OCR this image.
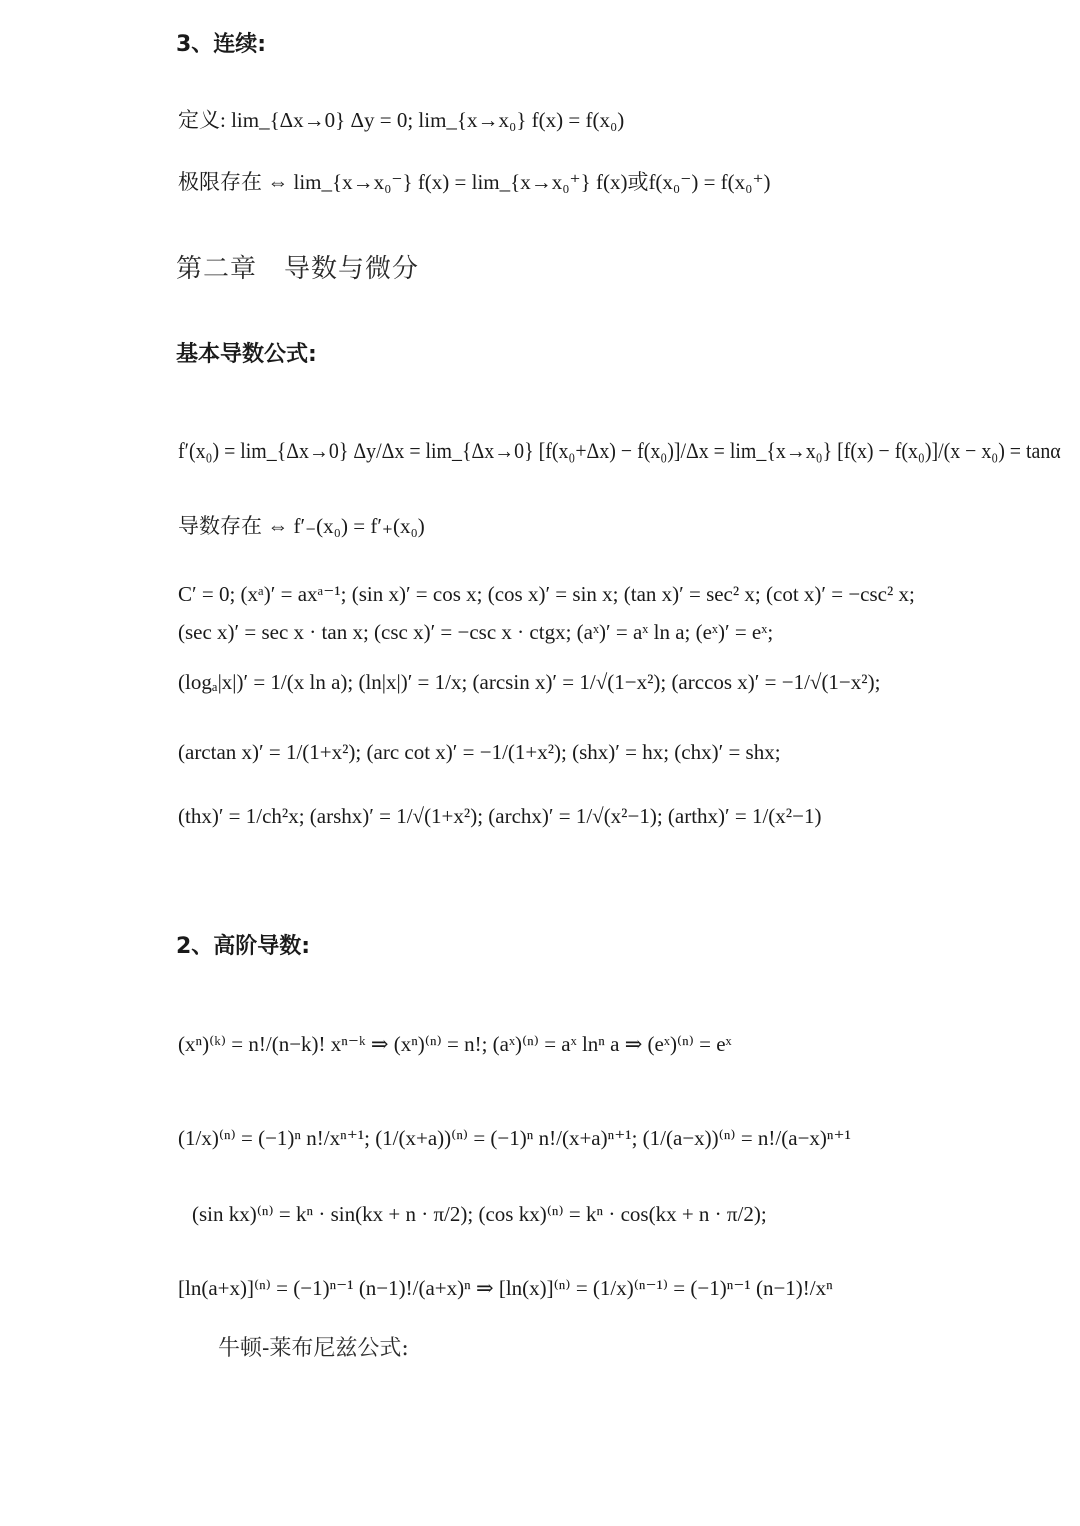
3、连续:
定义: lim_{Δx→0} Δy = 0; lim_{x→x₀} f(x) = f(x₀)
极限存在 ⇔ lim_{x→x₀⁻} f(x) = lim_{x→x₀⁺} f(x)或f(x₀⁻) = f(x₀⁺)
第二章　导数与微分
基本导数公式:
f′(x₀) = lim_{Δx→0} Δy/Δx = lim_{Δx→0} [f(x₀+Δx) − f(x₀)]/Δx = lim_{x→x₀} [f(x) − f(x₀)]/(x − x₀) = tanα
导数存在 ⇔ f′₋(x₀) = f′₊(x₀)
C′ = 0; (xᵃ)′ = axᵃ⁻¹; (sin x)′ = cos x; (cos x)′ = sin x; (tan x)′ = sec² x; (cot x)′ = −csc² x;
(sec x)′ = sec x · tan x; (csc x)′ = −csc x · ctgx; (aˣ)′ = aˣ ln a; (eˣ)′ = eˣ;
(logₐ|x|)′ = 1/(x ln a); (ln|x|)′ = 1/x; (arcsin x)′ = 1/√(1−x²); (arccos x)′ = −1/√(1−x²);
(arctan x)′ = 1/(1+x²); (arc cot x)′ = −1/(1+x²); (shx)′ = hx; (chx)′ = shx;
(thx)′ = 1/ch²x; (arshx)′ = 1/√(1+x²); (archx)′ = 1/√(x²−1); (arthx)′ = 1/(x²−1)
2、高阶导数:
(xⁿ)⁽ᵏ⁾ = n!/(n−k)! xⁿ⁻ᵏ ⇒ (xⁿ)⁽ⁿ⁾ = n!; (aˣ)⁽ⁿ⁾ = aˣ lnⁿ a ⇒ (eˣ)⁽ⁿ⁾ = eˣ
(1/x)⁽ⁿ⁾ = (−1)ⁿ n!/xⁿ⁺¹; (1/(x+a))⁽ⁿ⁾ = (−1)ⁿ n!/(x+a)ⁿ⁺¹; (1/(a−x))⁽ⁿ⁾ = n!/(a−x)ⁿ⁺¹
(sin kx)⁽ⁿ⁾ = kⁿ · sin(kx + n · π/2); (cos kx)⁽ⁿ⁾ = kⁿ · cos(kx + n · π/2);
[ln(a+x)]⁽ⁿ⁾ = (−1)ⁿ⁻¹ (n−1)!/(a+x)ⁿ ⇒ [ln(x)]⁽ⁿ⁾ = (1/x)⁽ⁿ⁻¹⁾ = (−1)ⁿ⁻¹ (n−1)!/xⁿ
牛顿-莱布尼兹公式:
